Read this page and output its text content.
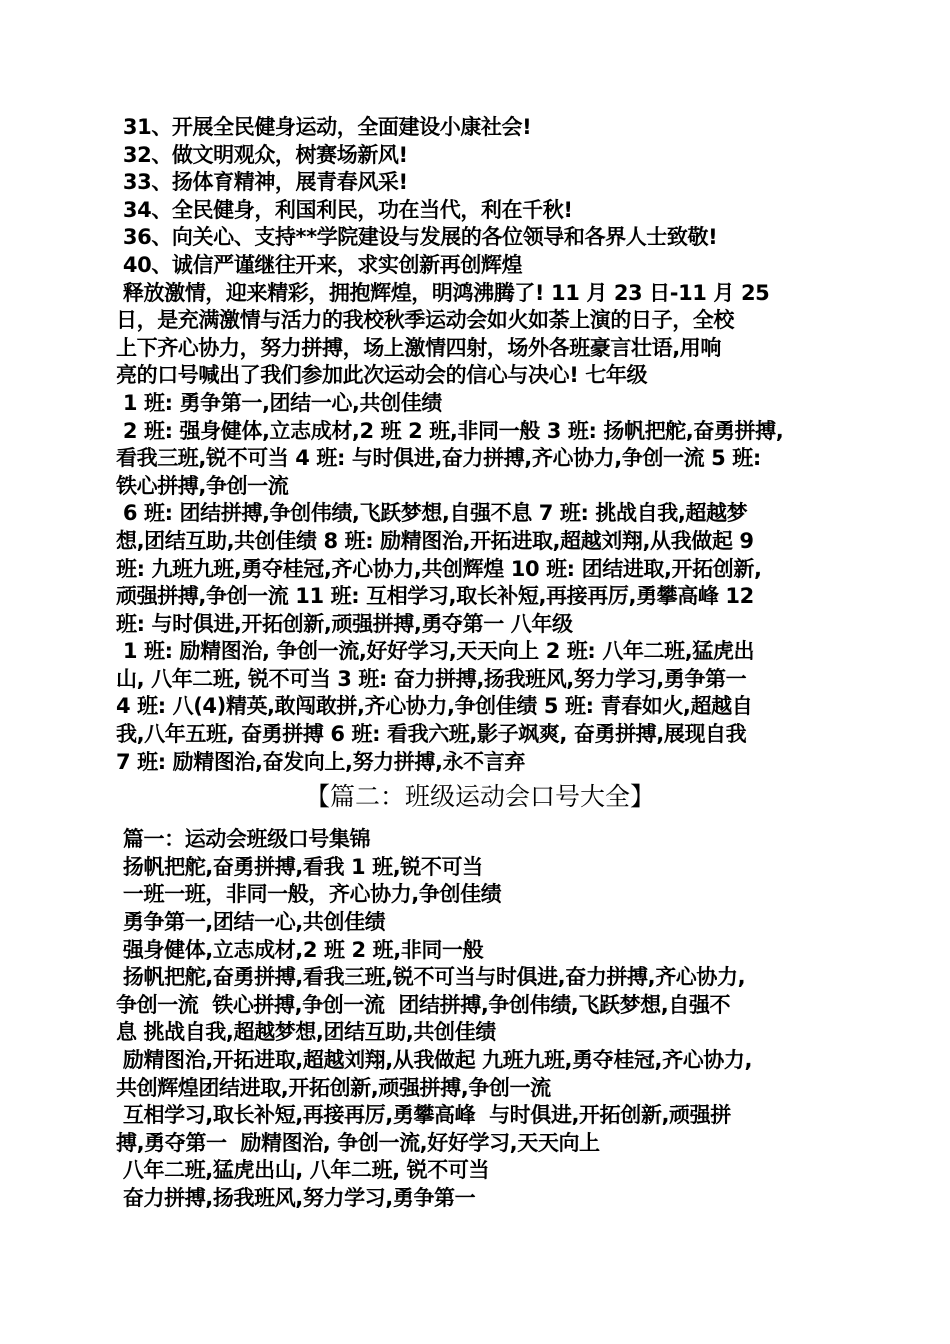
31、开展全民健身运动，全面建设小康社会!
32、做文明观众，树赛场新风!
33、扬体育精神，展青春风采!
34、全民健身，利国利民，功在当代，利在千秋!
36、向关心、支持**学院建设与发展的各位领导和各界人士致敬!
40、诚信严谨继往开来，求实创新再创辉煌
释放激情，迎来精彩，拥抱辉煌，明鸿沸腾了! 11 月 23 日-11 月 25
日，是充满激情与活力的我校秋季运动会如火如荼上演的日子，全校
上下齐心协力，努力拼搏，场上激情四射，场外各班豪言壮语,用响
亮的口号喊出了我们参加此次运动会的信心与决心! 七年级
1 班: 勇争第一,团结一心,共创佳绩
2 班: 强身健体,立志成材,2 班 2 班,非同一般 3 班: 扬帆把舵,奋勇拼搏,
看我三班,锐不可当 4 班: 与时俱进,奋力拼搏,齐心协力,争创一流 5 班:
铁心拼搏,争创一流
6 班: 团结拼搏,争创伟绩,飞跃梦想,自强不息 7 班: 挑战自我,超越梦
想,团结互助,共创佳绩 8 班: 励精图治,开拓进取,超越刘翔,从我做起 9
班: 九班九班,勇夺桂冠,齐心协力,共创辉煌 10 班: 团结进取,开拓创新,
顽强拼搏,争创一流 11 班: 互相学习,取长补短,再接再厉,勇攀高峰 12
班: 与时俱进,开拓创新,顽强拼搏,勇夺第一 八年级
1 班: 励精图治, 争创一流,好好学习,天天向上 2 班: 八年二班,猛虎出
山, 八年二班, 锐不可当 3 班: 奋力拼搏,扬我班风,努力学习,勇争第一
4 班: 八(4)精英,敢闯敢拼,齐心协力,争创佳绩 5 班: 青春如火,超越自
我,八年五班, 奋勇拼搏 6 班: 看我六班,影子飒爽, 奋勇拼搏,展现自我
7 班: 励精图治,奋发向上,努力拼搏,永不言弃
【篇二：班级运动会口号大全】
篇一：运动会班级口号集锦
扬帆把舵,奋勇拼搏,看我 1 班,锐不可当
一班一班，非同一般，齐心协力,争创佳绩
勇争第一,团结一心,共创佳绩
强身健体,立志成材,2 班 2 班,非同一般
扬帆把舵,奋勇拼搏,看我三班,锐不可当与时俱进,奋力拼搏,齐心协力,
争创一流  铁心拼搏,争创一流  团结拼搏,争创伟绩,飞跃梦想,自强不
息 挑战自我,超越梦想,团结互助,共创佳绩
励精图治,开拓进取,超越刘翔,从我做起 九班九班,勇夺桂冠,齐心协力,
共创辉煌团结进取,开拓创新,顽强拼搏,争创一流
互相学习,取长补短,再接再厉,勇攀高峰  与时俱进,开拓创新,顽强拼
搏,勇夺第一  励精图治, 争创一流,好好学习,天天向上
八年二班,猛虎出山, 八年二班, 锐不可当
奋力拼搏,扬我班风,努力学习,勇争第一
